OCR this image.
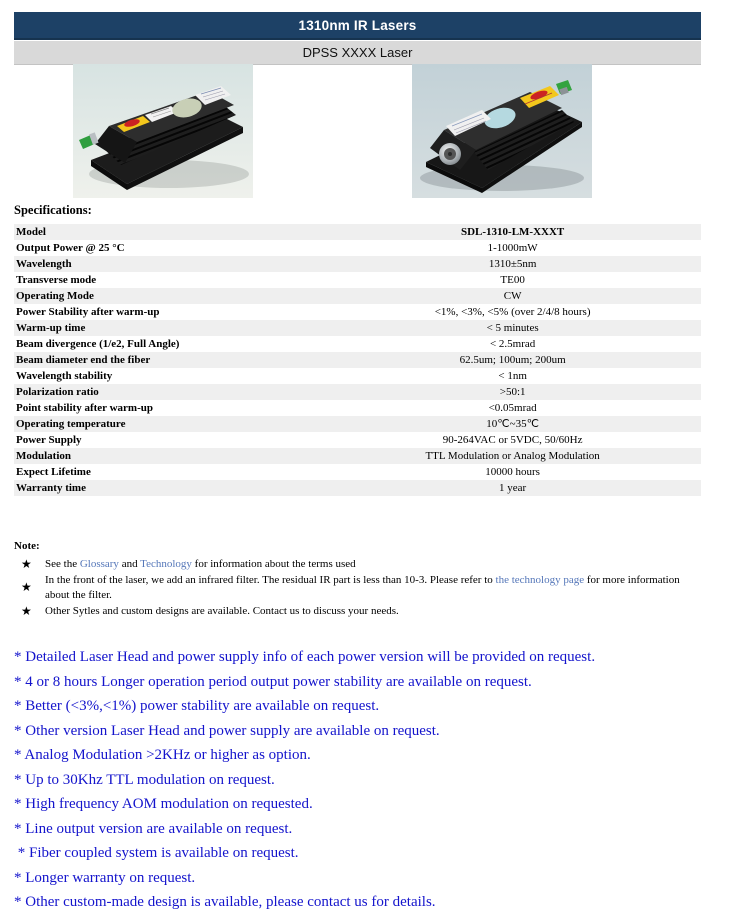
1310nm IR Lasers
DPSS XXXX Laser
Specifications:
Model	SDL-1310-LM-XXXT
Output Power @ 25 °C	1-1000mW
Wavelength	1310±5nm
Transverse mode	TE00
Operating Mode	CW
Power Stability after warm-up	<1%, <3%, <5% (over 2/4/8 hours)
Warm-up time	< 5 minutes
Beam divergence (1/e2, Full Angle)	< 2.5mrad
Beam diameter end the fiber	62.5um; 100um; 200um
Wavelength stability	< 1nm
Polarization ratio	>50:1
Point stability after warm-up	<0.05mrad
Operating temperature	10℃~35℃
Power Supply	90-264VAC or 5VDC, 50/60Hz
Modulation	TTL Modulation or Analog Modulation
Expect Lifetime	10000 hours
Warranty time	1 year
Note:
★	See the Glossary and Technology for information about the terms used
★
In the front of the laser, we add an infrared filter. The residual IR part is less than 10-3. Please refer to the technology page for more information about the filter.
★	Other Sytles and custom designs are available. Contact us to discuss your needs.
* Detailed Laser Head and power supply info of each power version will be provided on request.
* 4 or 8 hours Longer operation period output power stability are available on request.
* Better (<3%,<1%) power stability are available on request.
* Other version Laser Head and power supply are available on request.
* Analog Modulation >2KHz or higher as option.
* Up to 30Khz TTL modulation on request.
* High frequency AOM modulation on requested.
* Line output version are available on request.
* Fiber coupled system is available on request.
* Longer warranty on request.
* Other custom-made design is available, please contact us for details.
